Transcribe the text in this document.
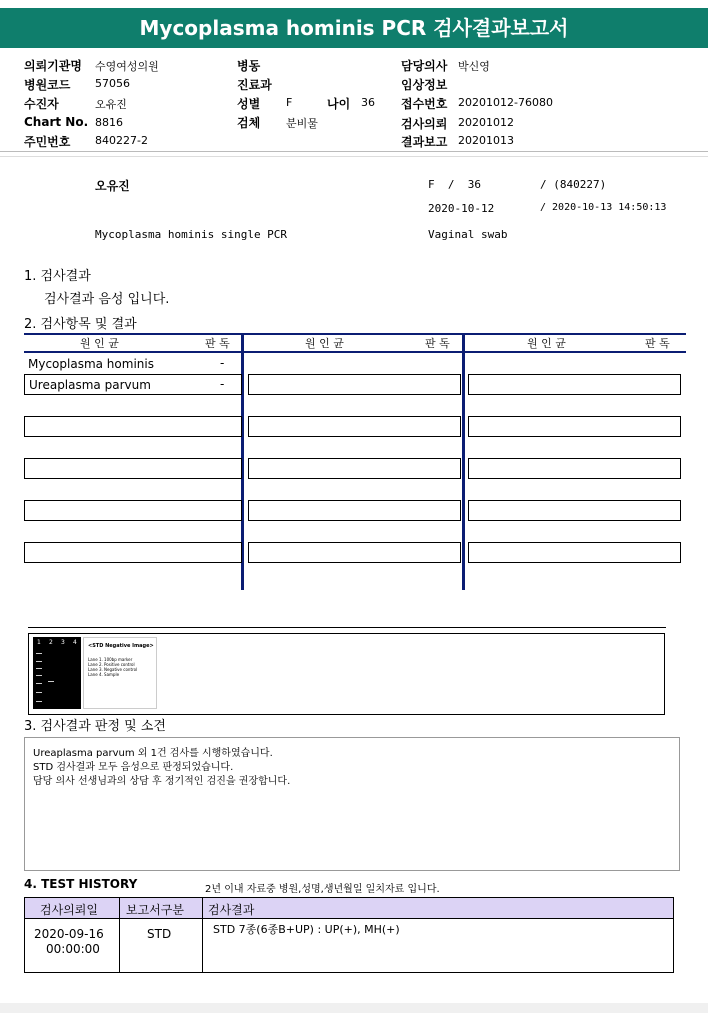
Mycoplasma hominis PCR 검사결과보고서
의뢰기관명 수영여성의원
병원코드 57056
수진자	오유진
Chart No. 8816
주민번호 840227-2
병동
진료과
성별 F	나이 36
검체 분비물
담당의사 박신영
임상정보
접수번호 20201012-76080
검사의뢰 20201012
결과보고 20201013
오유진	F  /  36	/ (840227)
2020-10-12	/ 2020-10-13 14:50:13
Mycoplasma hominis single PCR	Vaginal swab
1. 검사결과
검사결과 음성 입니다.
2. 검사항목 및 결과
원 인 균	판 독	원 인 균	판 독	원 인 균	판 독
Mycoplasma hominis	-
Ureaplasma parvum	-
1 2 3 4 <STD Negative Image>
Lane 1. 100bp marker
Lane 2. Positive control
Lane 3. Negative control
Lane 4. Sample
3. 검사결과 판정 및 소견
Ureaplasma parvum 외 1건 검사를 시행하였습니다.
STD 검사결과 모두 음성으로 판정되었습니다.
담당 의사 선생님과의 상담 후 정기적인 검진을 권장합니다.
4. TEST HISTORY	2년 이내 자료중 병원,성명,생년월일 일치자료 입니다.
검사의뢰일 보고서구분 검사결과
2020-09-16
00:00:00
STD	STD 7종(6종B+UP) : UP(+), MH(+)
